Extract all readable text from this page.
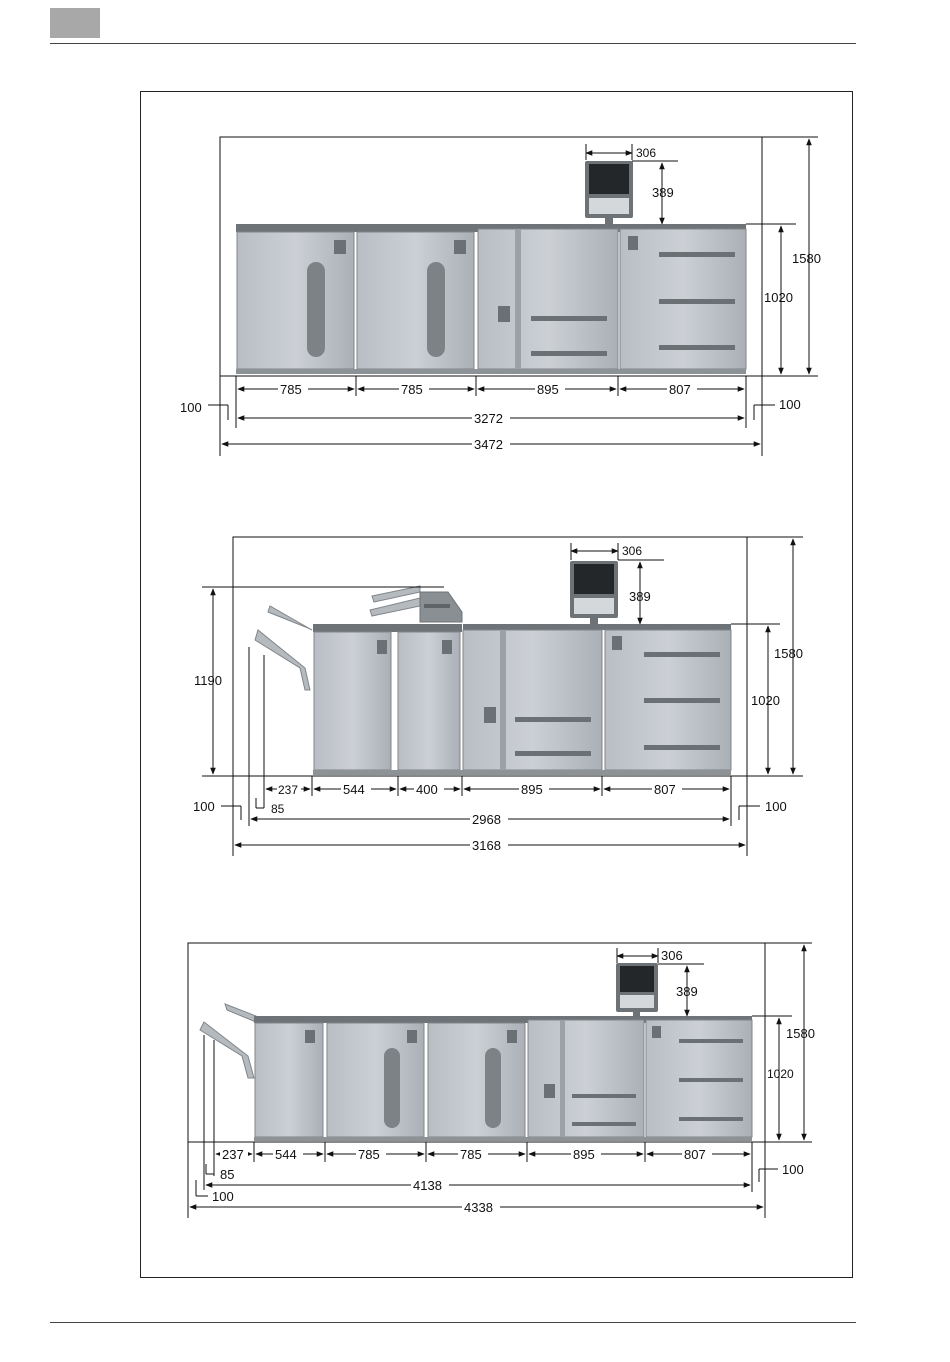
306
389
1020
1580
785	785	895	807
100	100
3272
3472
306
389
1020
1580
1190
237	544	400	895	807
85
100	100
2968
3168
306
389
1020
1580
237 544	785	785	895	807
85
100
100
4138
4338
